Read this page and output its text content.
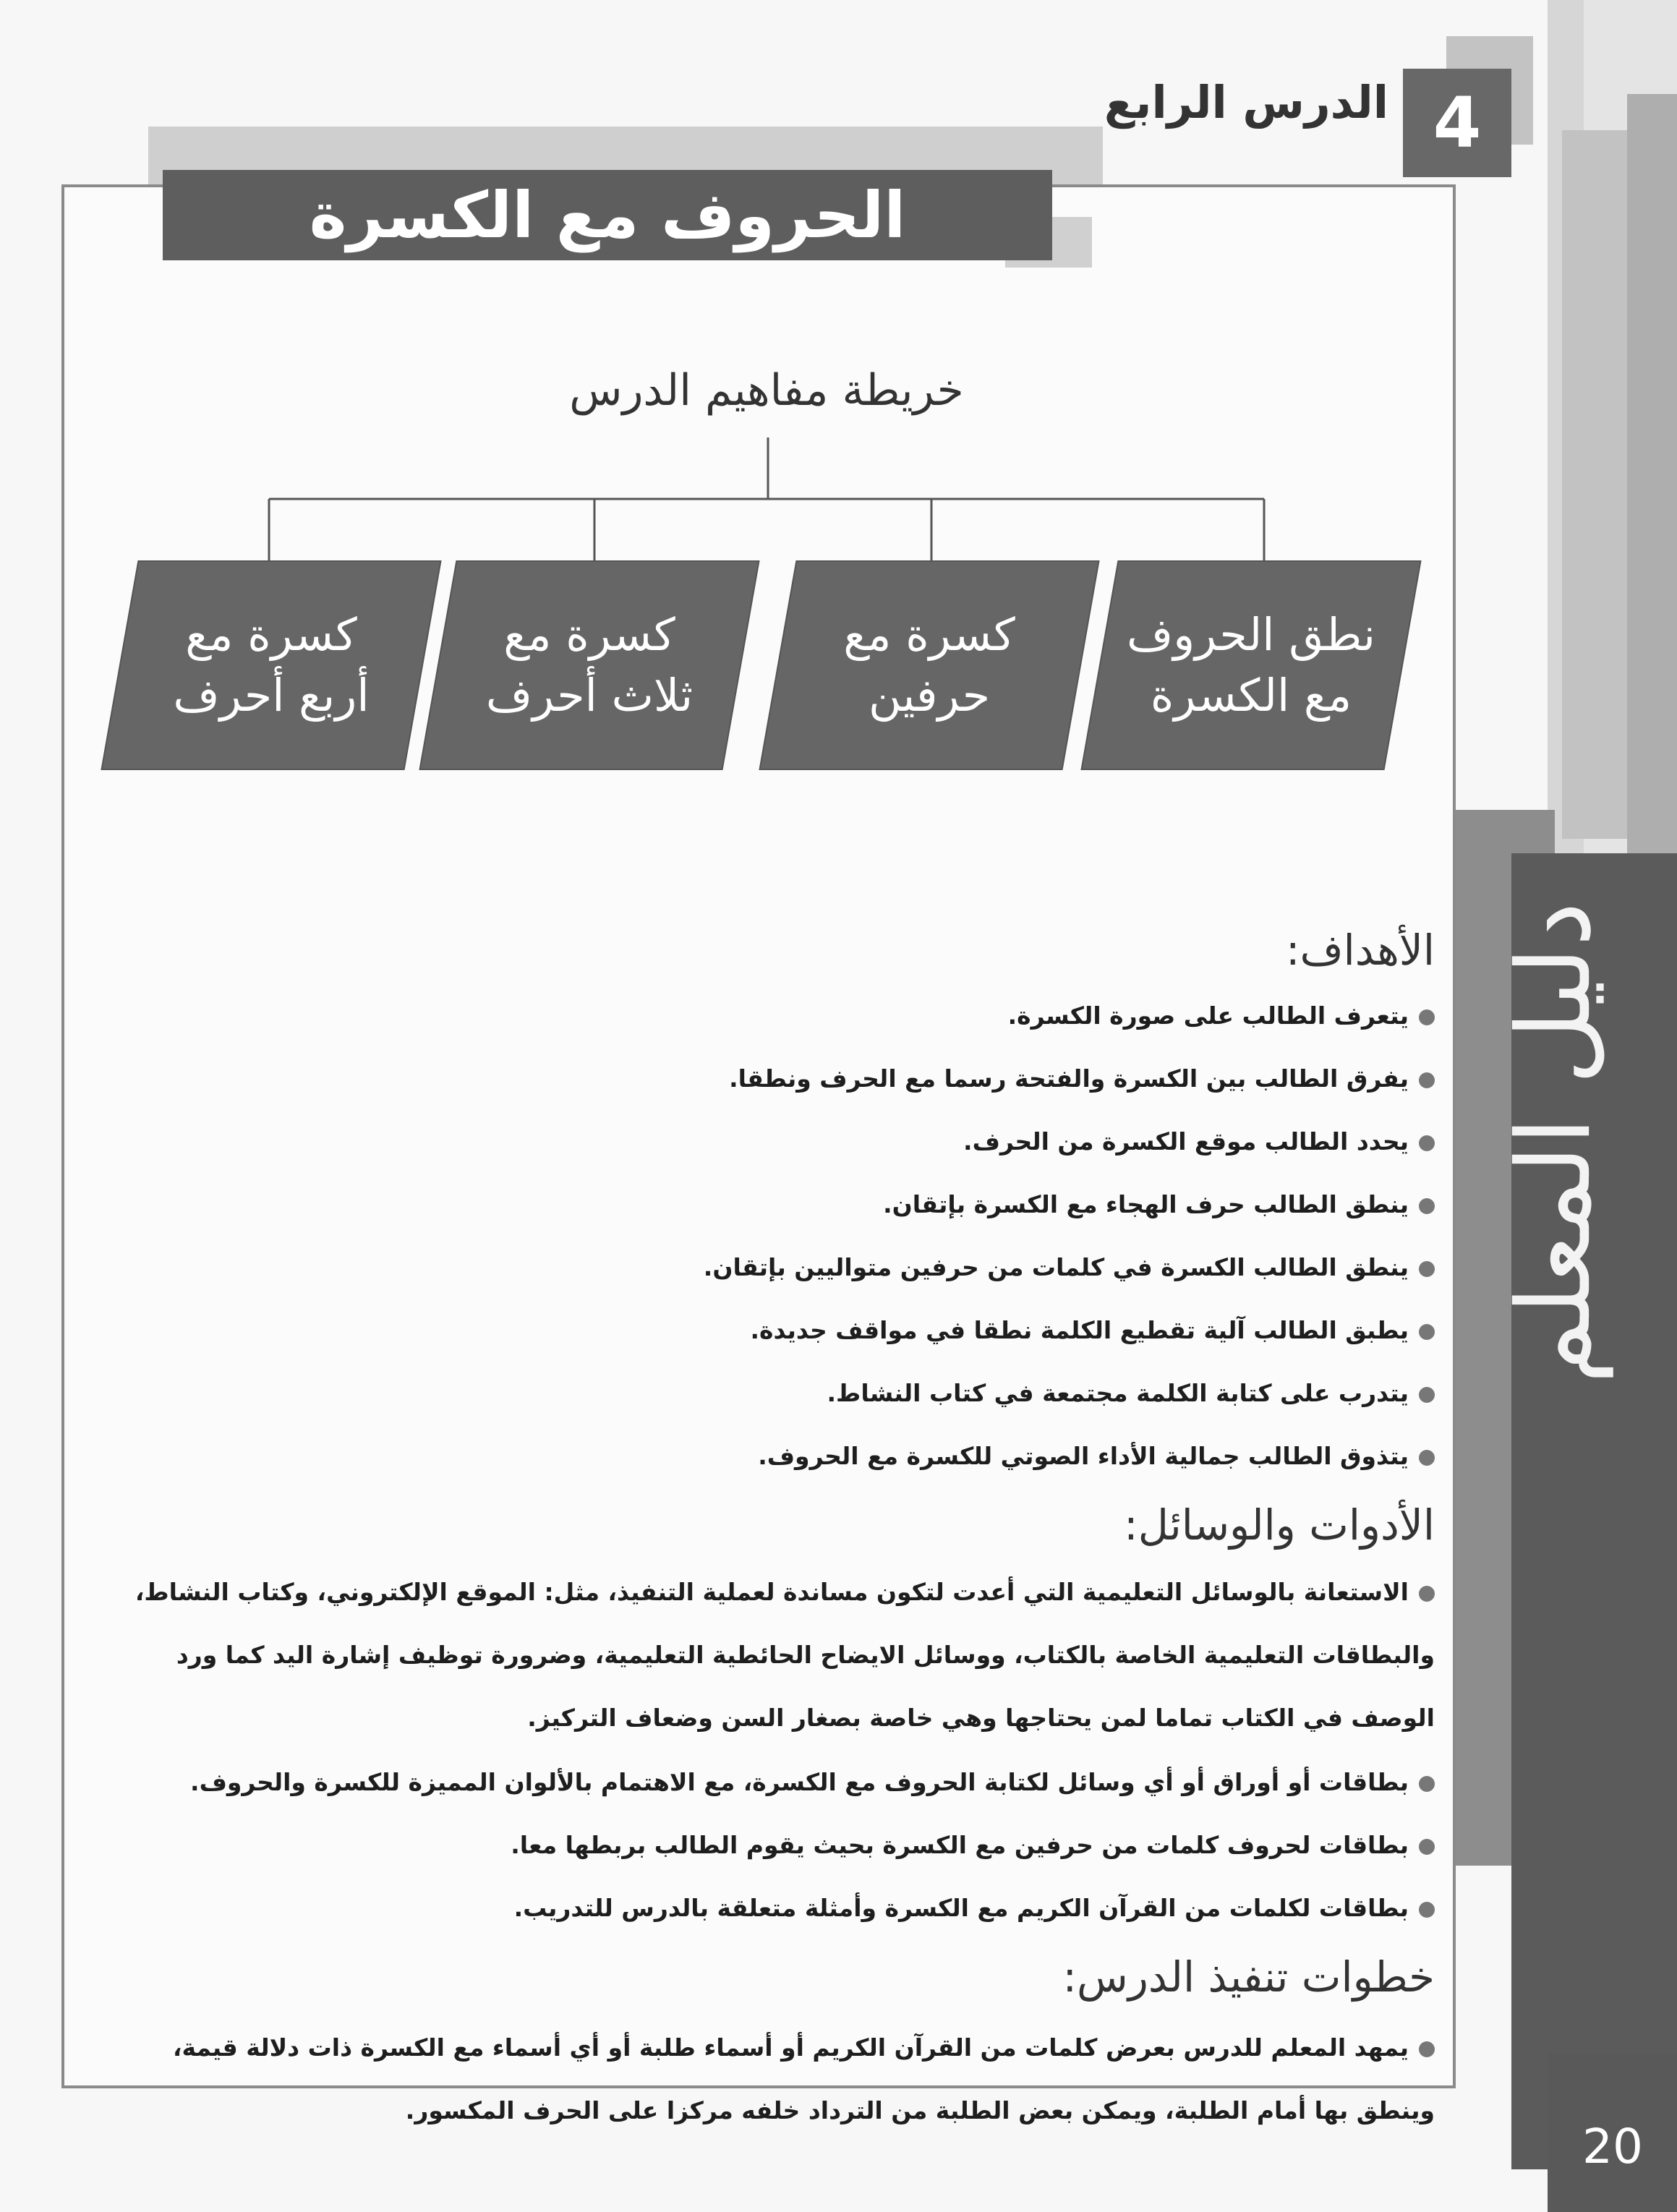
دليل المعلم
4
الدرس الرابع
الحروف مع الكسرة
خريطة مفاهيم الدرس
نطق الحروف
مع الكسرة
كسرة مع
حرفين
كسرة مع
ثلاث أحرف
كسرة مع
أربع أحرف
الأهداف:
يتعرف الطالب على صورة الكسرة.
يفرق الطالب بين الكسرة والفتحة رسما مع الحرف ونطقا.
يحدد الطالب موقع الكسرة من الحرف.
ينطق الطالب حرف الهجاء مع الكسرة بإتقان.
ينطق الطالب الكسرة في كلمات من حرفين متواليين بإتقان.
يطبق الطالب آلية تقطيع الكلمة نطقا في مواقف جديدة.
يتدرب على كتابة الكلمة مجتمعة في كتاب النشاط.
يتذوق الطالب جمالية الأداء الصوتي للكسرة مع الحروف.
الأدوات والوسائل:
الاستعانة بالوسائل التعليمية التي أعدت لتكون مساندة لعملية التنفيذ، مثل: الموقع الإلكتروني، وكتاب النشاط، والبطاقات التعليمية الخاصة بالكتاب، ووسائل الايضاح الحائطية التعليمية، وضرورة توظيف إشارة اليد كما ورد الوصف في الكتاب تماما لمن يحتاجها وهي خاصة بصغار السن وضعاف التركيز.
بطاقات أو أوراق أو أي وسائل لكتابة الحروف مع الكسرة، مع الاهتمام بالألوان المميزة للكسرة والحروف.
بطاقات لحروف كلمات من حرفين مع الكسرة بحيث يقوم الطالب بربطها معا.
بطاقات لكلمات من القرآن الكريم مع الكسرة وأمثلة متعلقة بالدرس للتدريب.
خطوات تنفيذ الدرس:
يمهد المعلم للدرس بعرض كلمات من القرآن الكريم أو أسماء طلبة أو أي أسماء مع الكسرة ذات دلالة قيمة، وينطق بها أمام الطلبة، ويمكن بعض الطلبة من الترداد خلفه مركزا على الحرف المكسور.
20
